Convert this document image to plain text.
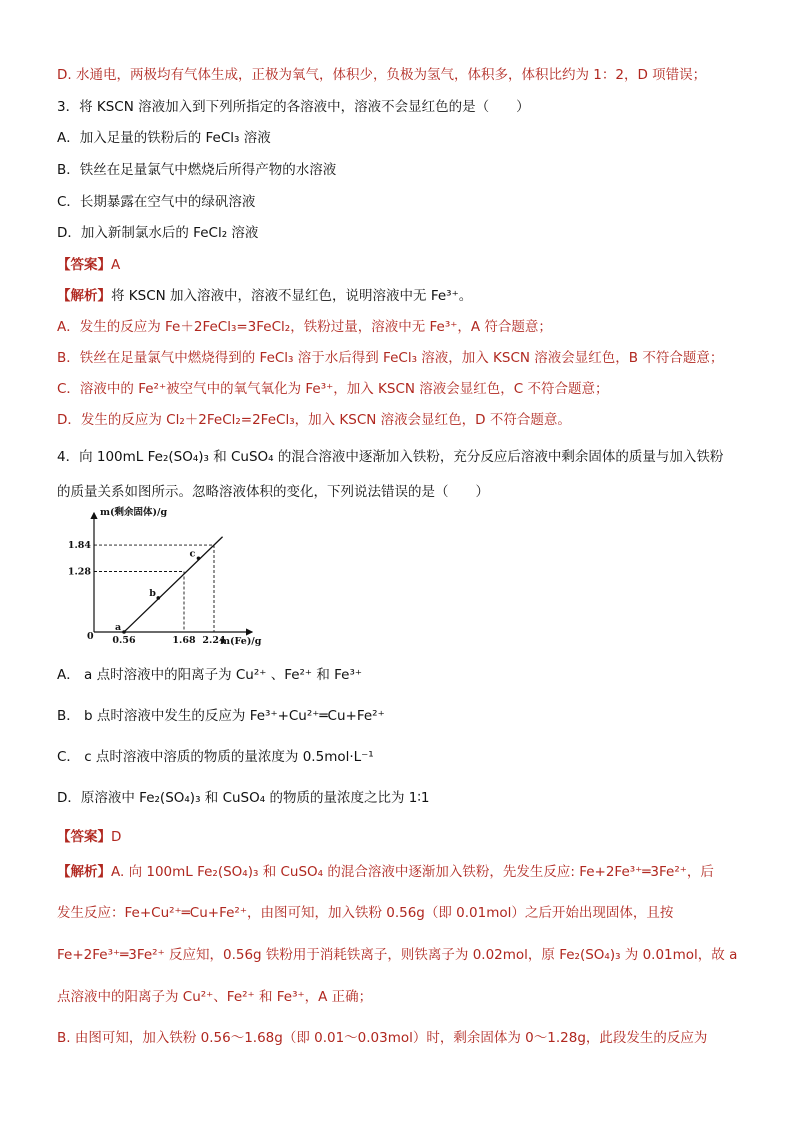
D. 水通电，两极均有气体生成，正极为氧气，体积少，负极为氢气，体积多，体积比约为 1：2，D 项错误；
3．将 KSCN 溶液加入到下列所指定的各溶液中，溶液不会显红色的是（　　）
A．加入足量的铁粉后的 FeCl₃ 溶液
B．铁丝在足量氯气中燃烧后所得产物的水溶液
C．长期暴露在空气中的绿矾溶液
D．加入新制氯水后的 FeCl₂ 溶液
【答案】A
【解析】将 KSCN 加入溶液中，溶液不显红色，说明溶液中无 Fe³⁺。
A．发生的反应为 Fe＋2FeCl₃=3FeCl₂，铁粉过量，溶液中无 Fe³⁺，A 符合题意；
B．铁丝在足量氯气中燃烧得到的 FeCl₃ 溶于水后得到 FeCl₃ 溶液，加入 KSCN 溶液会显红色，B 不符合题意；
C．溶液中的 Fe²⁺被空气中的氧气氧化为 Fe³⁺，加入 KSCN 溶液会显红色，C 不符合题意；
D．发生的反应为 Cl₂＋2FeCl₂=2FeCl₃，加入 KSCN 溶液会显红色，D 不符合题意。
4．向 100mL Fe₂(SO₄)₃ 和 CuSO₄ 的混合溶液中逐渐加入铁粉，充分反应后溶液中剩余固体的质量与加入铁粉
的质量关系如图所示。忽略溶液体积的变化，下列说法错误的是（　　）
0.56	1.68 2.24
1.28
1.84
a
b
c
m(剩余固体)/g
m(Fe)/g
0
A． a 点时溶液中的阳离子为 Cu²⁺ 、Fe²⁺ 和 Fe³⁺
B． b 点时溶液中发生的反应为 Fe³⁺+Cu²⁺═Cu+Fe²⁺
C． c 点时溶液中溶质的物质的量浓度为 0.5mol·L⁻¹
D．原溶液中 Fe₂(SO₄)₃ 和 CuSO₄ 的物质的量浓度之比为 1∶1
【答案】D
【解析】A. 向 100mL Fe₂(SO₄)₃ 和 CuSO₄ 的混合溶液中逐渐加入铁粉，先发生反应: Fe+2Fe³⁺═3Fe²⁺，后
发生反应：Fe+Cu²⁺═Cu+Fe²⁺，由图可知，加入铁粉 0.56g（即 0.01mol）之后开始出现固体，且按
Fe+2Fe³⁺═3Fe²⁺ 反应知，0.56g 铁粉用于消耗铁离子，则铁离子为 0.02mol，原 Fe₂(SO₄)₃ 为 0.01mol，故 a
点溶液中的阳离子为 Cu²⁺、Fe²⁺ 和 Fe³⁺，A 正确；
B. 由图可知，加入铁粉 0.56～1.68g（即 0.01～0.03mol）时，剩余固体为 0～1.28g，此段发生的反应为
